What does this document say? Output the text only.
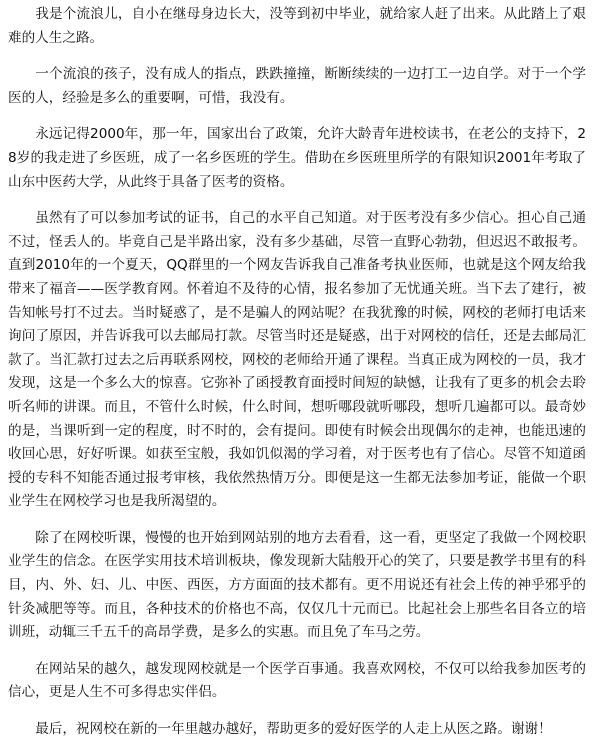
我是个流浪儿，自小在继母身边长大，没等到初中毕业，就给家人赶了出来。从此踏上了艰难的人生之路。

一个流浪的孩子，没有成人的指点，跌跌撞撞，断断续续的一边打工一边自学。对于一个学医的人，经验是多么的重要啊，可惜，我没有。

永远记得2000年，那一年，国家出台了政策，允许大龄青年进校读书，在老公的支持下，28岁的我走进了乡医班，成了一名乡医班的学生。借助在乡医班里所学的有限知识2001年考取了山东中医药大学，从此终于具备了医考的资格。

虽然有了可以参加考试的证书，自己的水平自己知道。对于医考没有多少信心。担心自己通不过，怪丢人的。毕竟自己是半路出家，没有多少基础，尽管一直野心勃勃，但迟迟不敢报考。直到2010年的一个夏天，QQ群里的一个网友告诉我自己准备考执业医师，也就是这个网友给我带来了福音——医学教育网。怀着迫不及待的心情，报名参加了无忧通关班。当下去了建行，被告知帐号打不过去。当时疑惑了，是不是骗人的网站呢？在我犹豫的时候，网校的老师打电话来询问了原因，并告诉我可以去邮局打款。尽管当时还是疑惑，出于对网校的信任，还是去邮局汇款了。当汇款打过去之后再联系网校，网校的老师给开通了课程。当真正成为网校的一员，我才发现，这是一个多么大的惊喜。它弥补了函授教育面授时间短的缺憾，让我有了更多的机会去聆听名师的讲课。而且，不管什么时候，什么时间，想听哪段就听哪段，想听几遍都可以。最奇妙的是，当课听到一定的程度，时不时的，会有提问。即使有时候会出现偶尔的走神，也能迅速的收回心思，好好听课。如获至宝般，我如饥似渴的学习着，对于医考也有了信心。尽管不知道函授的专科不知能否通过报考审核，我依然热情万分。即便是这一生都无法参加考证，能做一个职业学生在网校学习也是我所渴望的。

除了在网校听课，慢慢的也开始到网站别的地方去看看，这一看，更坚定了我做一个网校职业学生的信念。在医学实用技术培训板块，像发现新大陆般开心的笑了，只要是教学书里有的科目，内、外、妇、儿、中医、西医，方方面面的技术都有。更不用说还有社会上传的神乎邪乎的针灸减肥等等。而且，各种技术的价格也不高，仅仅几十元而已。比起社会上那些名目各立的培训班，动辄三千五千的高昂学费，是多么的实惠。而且免了车马之劳。

在网站呆的越久，越发现网校就是一个医学百事通。我喜欢网校，不仅可以给我参加医考的信心，更是人生不可多得忠实伴侣。

最后，祝网校在新的一年里越办越好，帮助更多的爱好医学的人走上从医之路。谢谢！
